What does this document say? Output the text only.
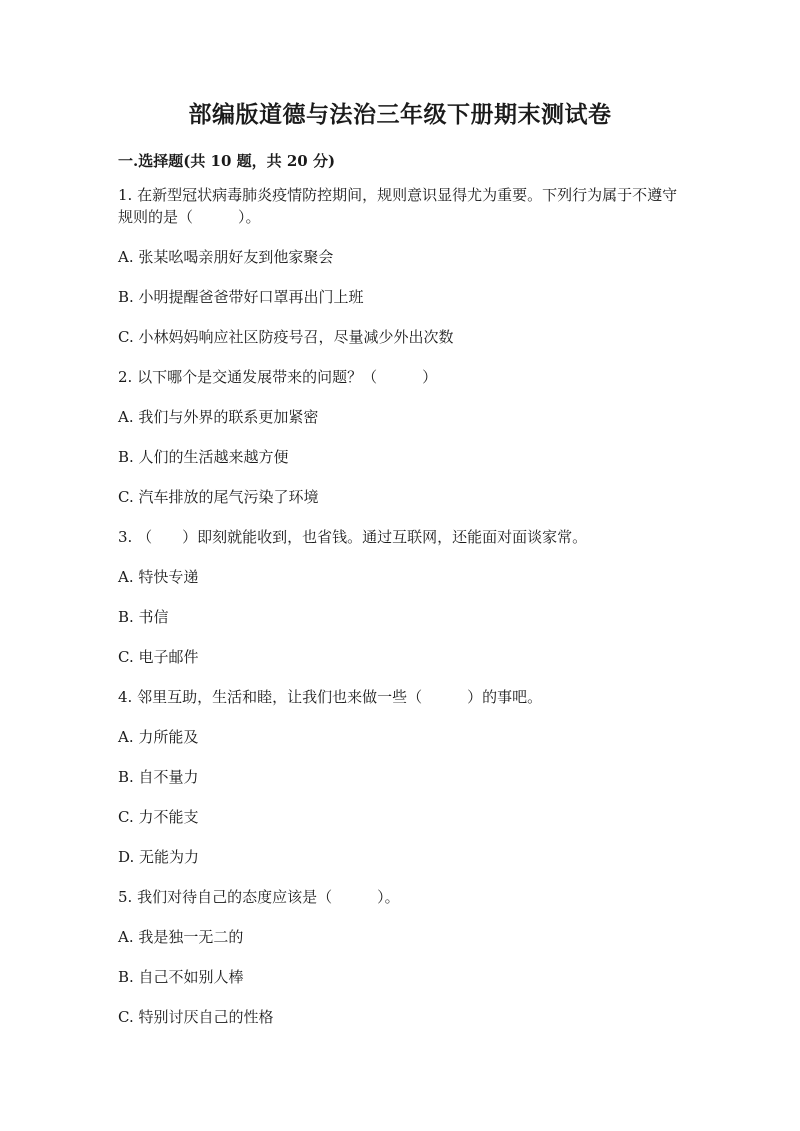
部编版道德与法治三年级下册期末测试卷
一.选择题(共 10 题，共 20 分)
1. 在新型冠状病毒肺炎疫情防控期间，规则意识显得尤为重要。下列行为属于不遵守规则的是（　　　）。
A. 张某吆喝亲朋好友到他家聚会
B. 小明提醒爸爸带好口罩再出门上班
C. 小林妈妈响应社区防疫号召，尽量减少外出次数
2. 以下哪个是交通发展带来的问题？（　　　）
A. 我们与外界的联系更加紧密
B. 人们的生活越来越方便
C. 汽车排放的尾气污染了环境
3. （　　）即刻就能收到，也省钱。通过互联网，还能面对面谈家常。
A. 特快专递
B. 书信
C. 电子邮件
4. 邻里互助，生活和睦，让我们也来做一些（　　　）的事吧。
A. 力所能及
B. 自不量力
C. 力不能支
D. 无能为力
5. 我们对待自己的态度应该是（　　　）。
A. 我是独一无二的
B. 自己不如别人棒
C. 特别讨厌自己的性格
